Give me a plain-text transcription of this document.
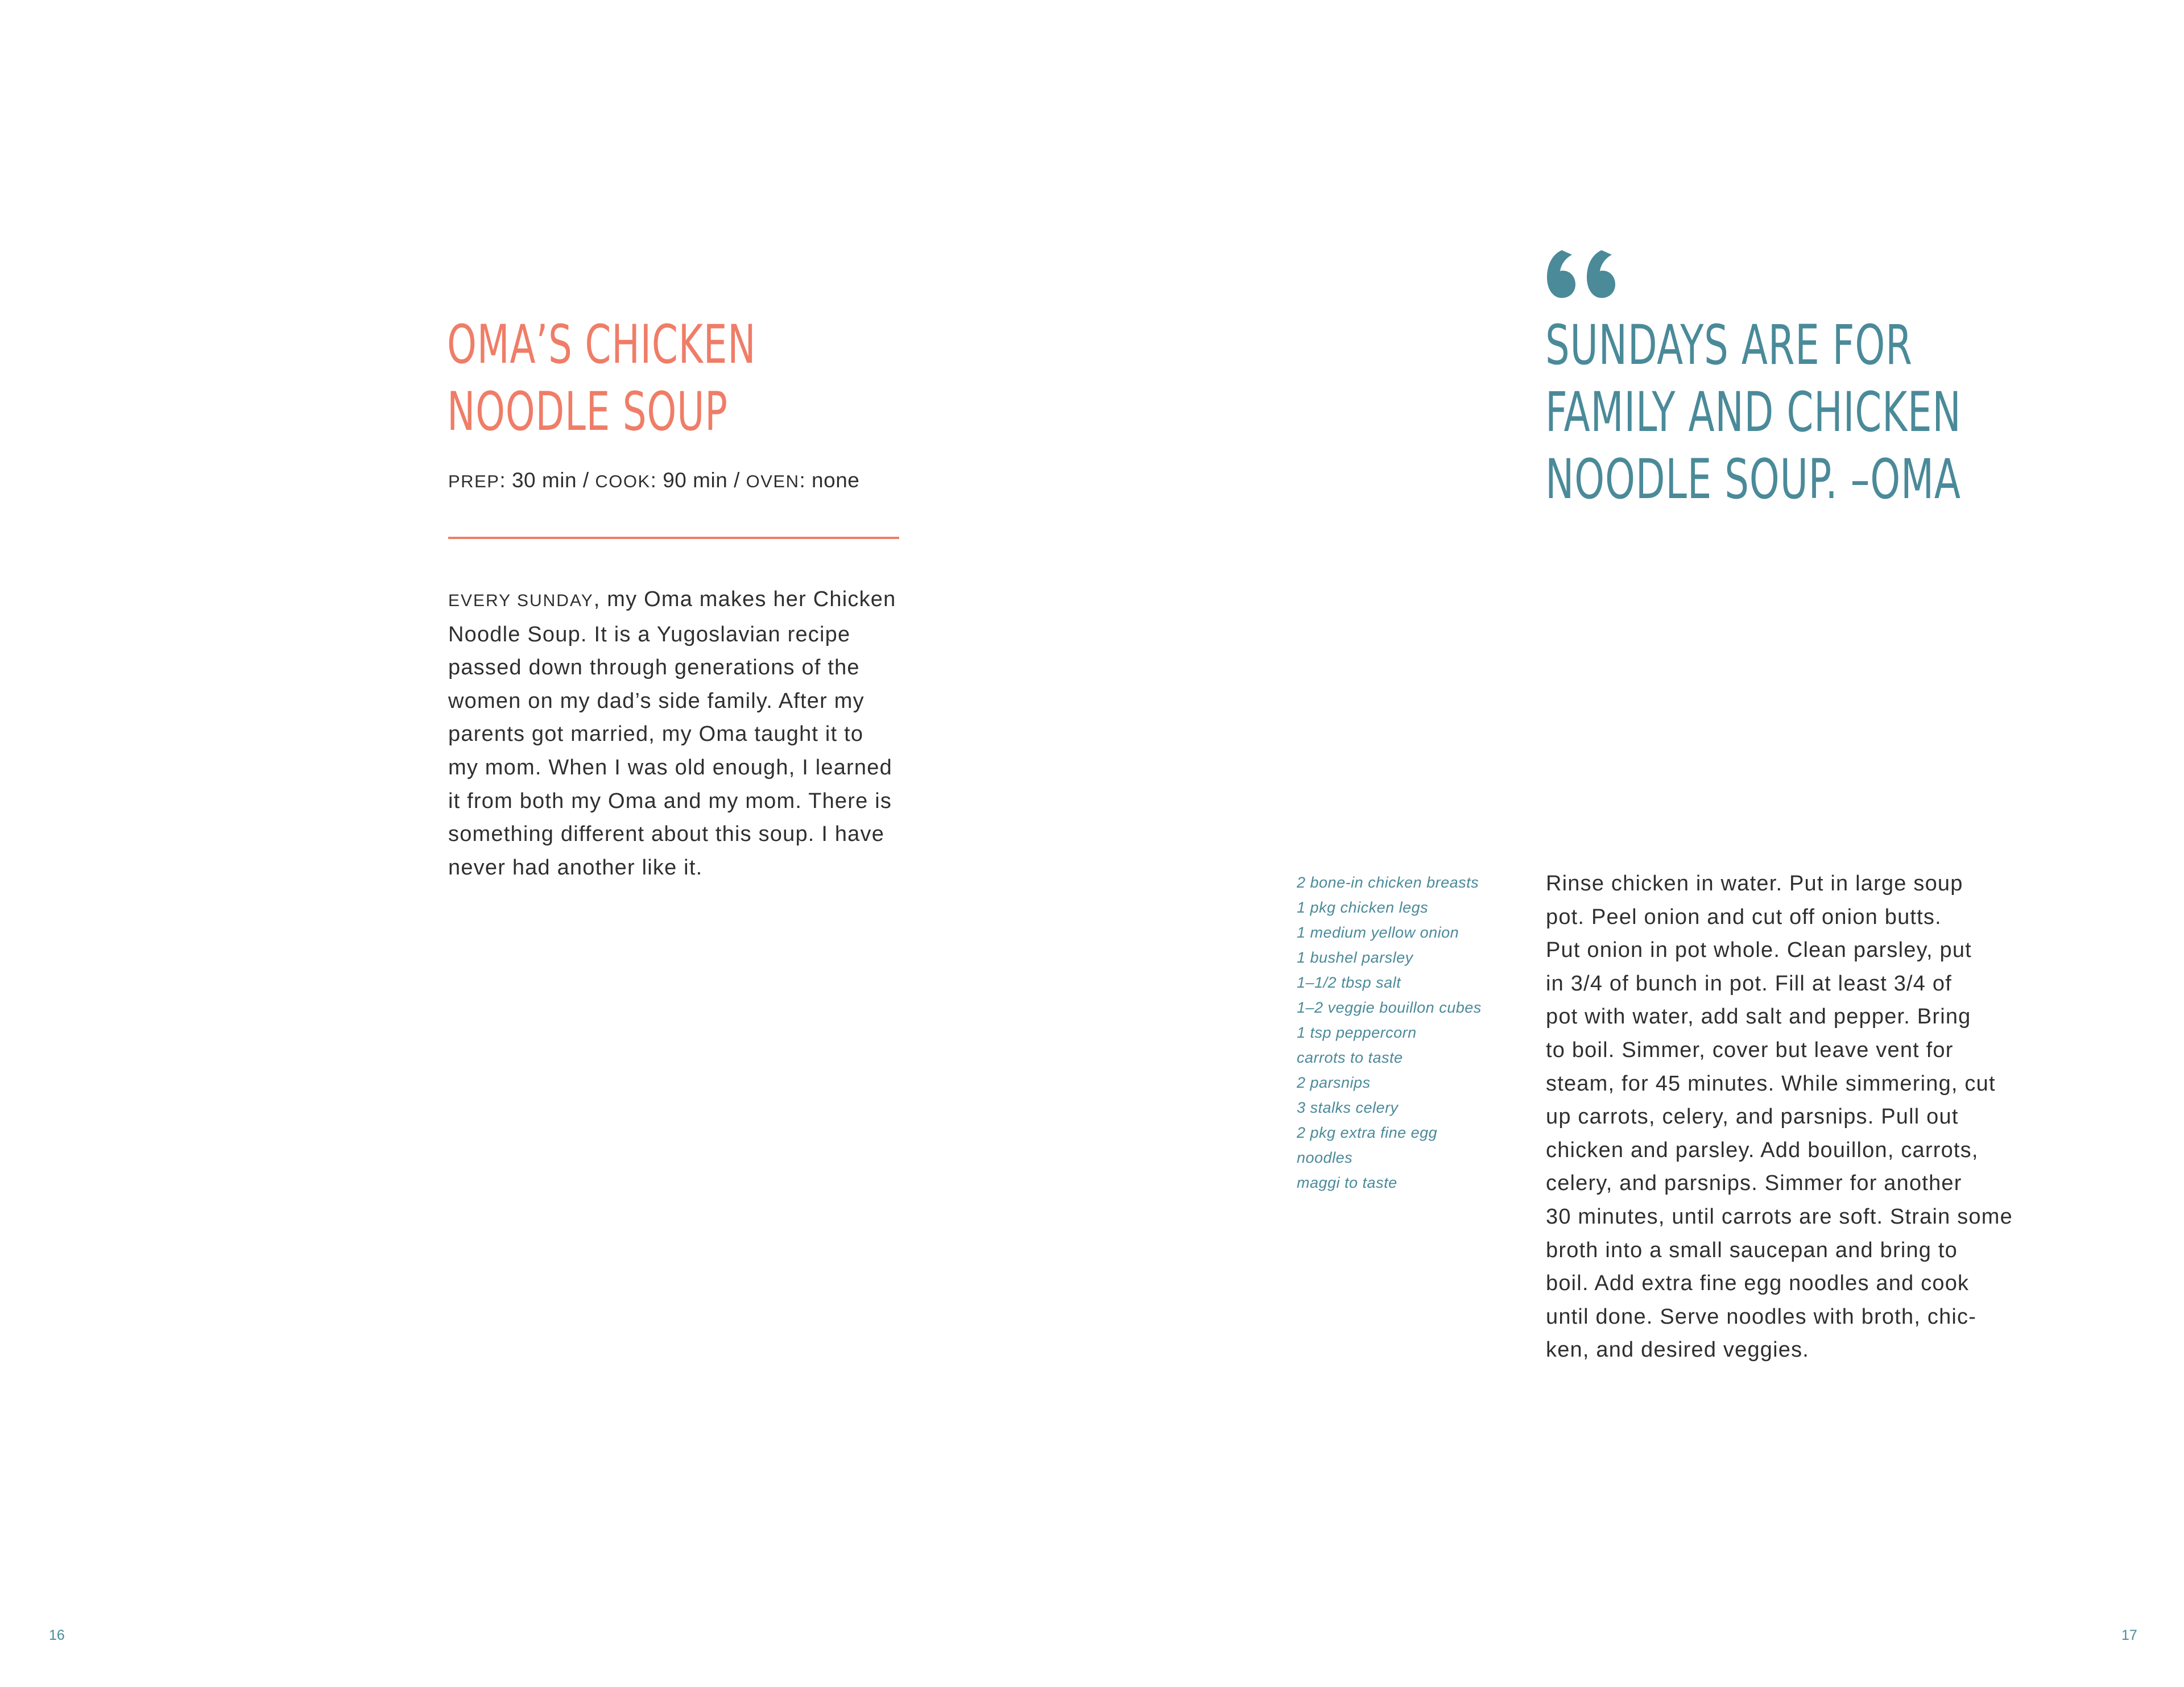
OMA’S CHICKEN
NOODLE SOUP
PREP: 30 min / COOK: 90 min / OVEN: none
EVERY SUNDAY, my Oma makes her Chicken
Noodle Soup. It is a Yugoslavian recipe
passed down through generations of the
women on my dad’s side family. After my
parents got married, my Oma taught it to
my mom. When I was old enough, I learned
it from both my Oma and my mom. There is
something different about this soup. I have
never had another like it.
16
SUNDAYS ARE FOR
FAMILY AND CHICKEN
NOODLE SOUP. –OMA
2 bone-in chicken breasts
1 pkg chicken legs
1 medium yellow onion
1 bushel parsley
1–1/2 tbsp salt
1–2 veggie bouillon cubes
1 tsp peppercorn
carrots to taste
2 parsnips
3 stalks celery
2 pkg extra fine egg
noodles
maggi to taste
Rinse chicken in water. Put in large soup
pot. Peel onion and cut off onion butts.
Put onion in pot whole. Clean parsley, put
in 3/4 of bunch in pot. Fill at least 3/4 of
pot with water, add salt and pepper. Bring
to boil. Simmer, cover but leave vent for
steam, for 45 minutes. While simmering, cut
up carrots, celery, and parsnips. Pull out
chicken and parsley. Add bouillon, carrots,
celery, and parsnips. Simmer for another
30 minutes, until carrots are soft. Strain some
broth into a small saucepan and bring to
boil. Add extra fine egg noodles and cook
until done. Serve noodles with broth, chic-
ken, and desired veggies.
17
